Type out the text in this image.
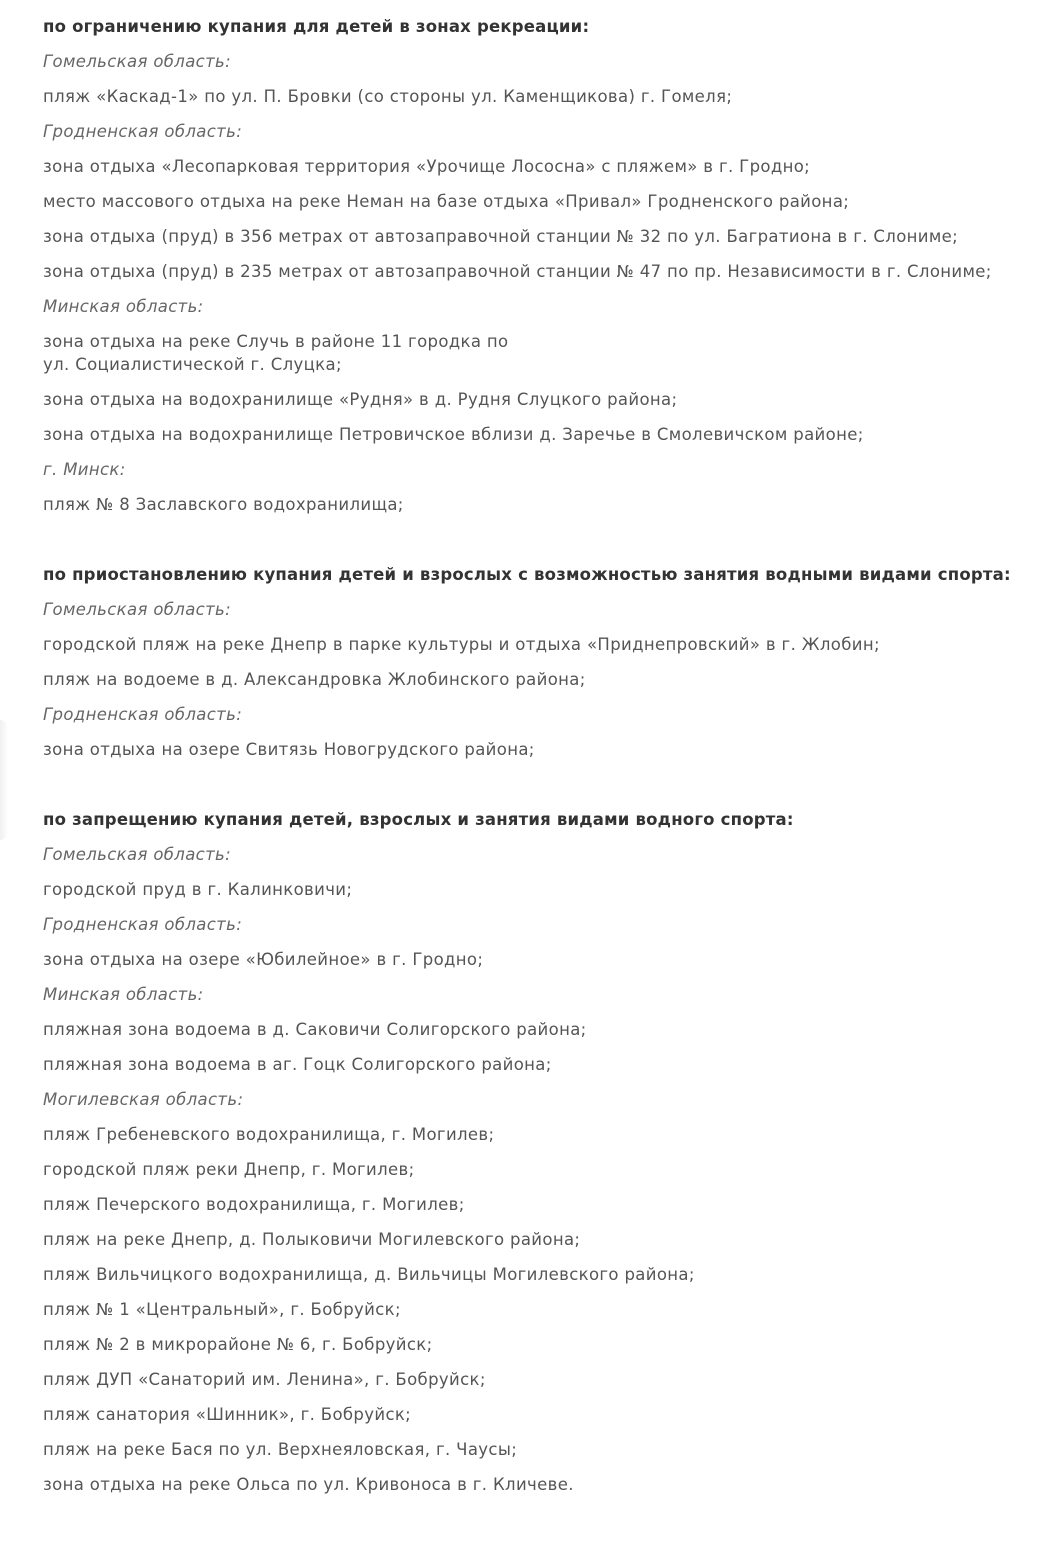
по ограничению купания для детей в зонах рекреации:

Гомельская область:

пляж «Каскад-1» по ул. П. Бровки (со стороны ул. Каменщикова) г. Гомеля;

Гродненская область:

зона отдыха «Лесопарковая территория «Урочище Лососна» с пляжем» в г. Гродно;

место массового отдыха на реке Неман на базе отдыха «Привал» Гродненского района;

зона отдыха (пруд) в 356 метрах от автозаправочной станции № 32 по ул. Багратиона в г. Слониме;

зона отдыха (пруд) в 235 метрах от автозаправочной станции № 47 по пр. Независимости в г. Слониме;

Минская область:

зона отдыха на реке Случь в районе 11 городка по
ул. Социалистической г. Слуцка;

зона отдыха на водохранилище «Рудня» в д. Рудня Слуцкого района;

зона отдыха на водохранилище Петровичское вблизи д. Заречье в Смолевичском районе;

г. Минск:

пляж № 8 Заславского водохранилища;

по приостановлению купания детей и взрослых с возможностью занятия водными видами спорта:

Гомельская область:

городской пляж на реке Днепр в парке культуры и отдыха «Приднепровский» в г. Жлобин;

пляж на водоеме в д. Александровка Жлобинского района;

Гродненская область:

зона отдыха на озере Свитязь Новогрудского района;

по запрещению купания детей, взрослых и занятия видами водного спорта:

Гомельская область:

городской пруд в г. Калинковичи;

Гродненская область:

зона отдыха на озере «Юбилейное» в г. Гродно;

Минская область:

пляжная зона водоема в д. Саковичи Солигорского района;

пляжная зона водоема в аг. Гоцк Солигорского района;

Могилевская область:

пляж Гребеневского водохранилища, г. Могилев;

городской пляж реки Днепр, г. Могилев;

пляж Печерского водохранилища, г. Могилев;

пляж на реке Днепр, д. Полыковичи Могилевского района;

пляж Вильчицкого водохранилища, д. Вильчицы Могилевского района;

пляж № 1 «Центральный», г. Бобруйск;

пляж № 2 в микрорайоне № 6, г. Бобруйск;

пляж ДУП «Санаторий им. Ленина», г. Бобруйск;

пляж санатория «Шинник», г. Бобруйск;

пляж на реке Бася по ул. Верхнеяловская, г. Чаусы;

зона отдыха на реке Ольса по ул. Кривоноса в г. Кличеве.
